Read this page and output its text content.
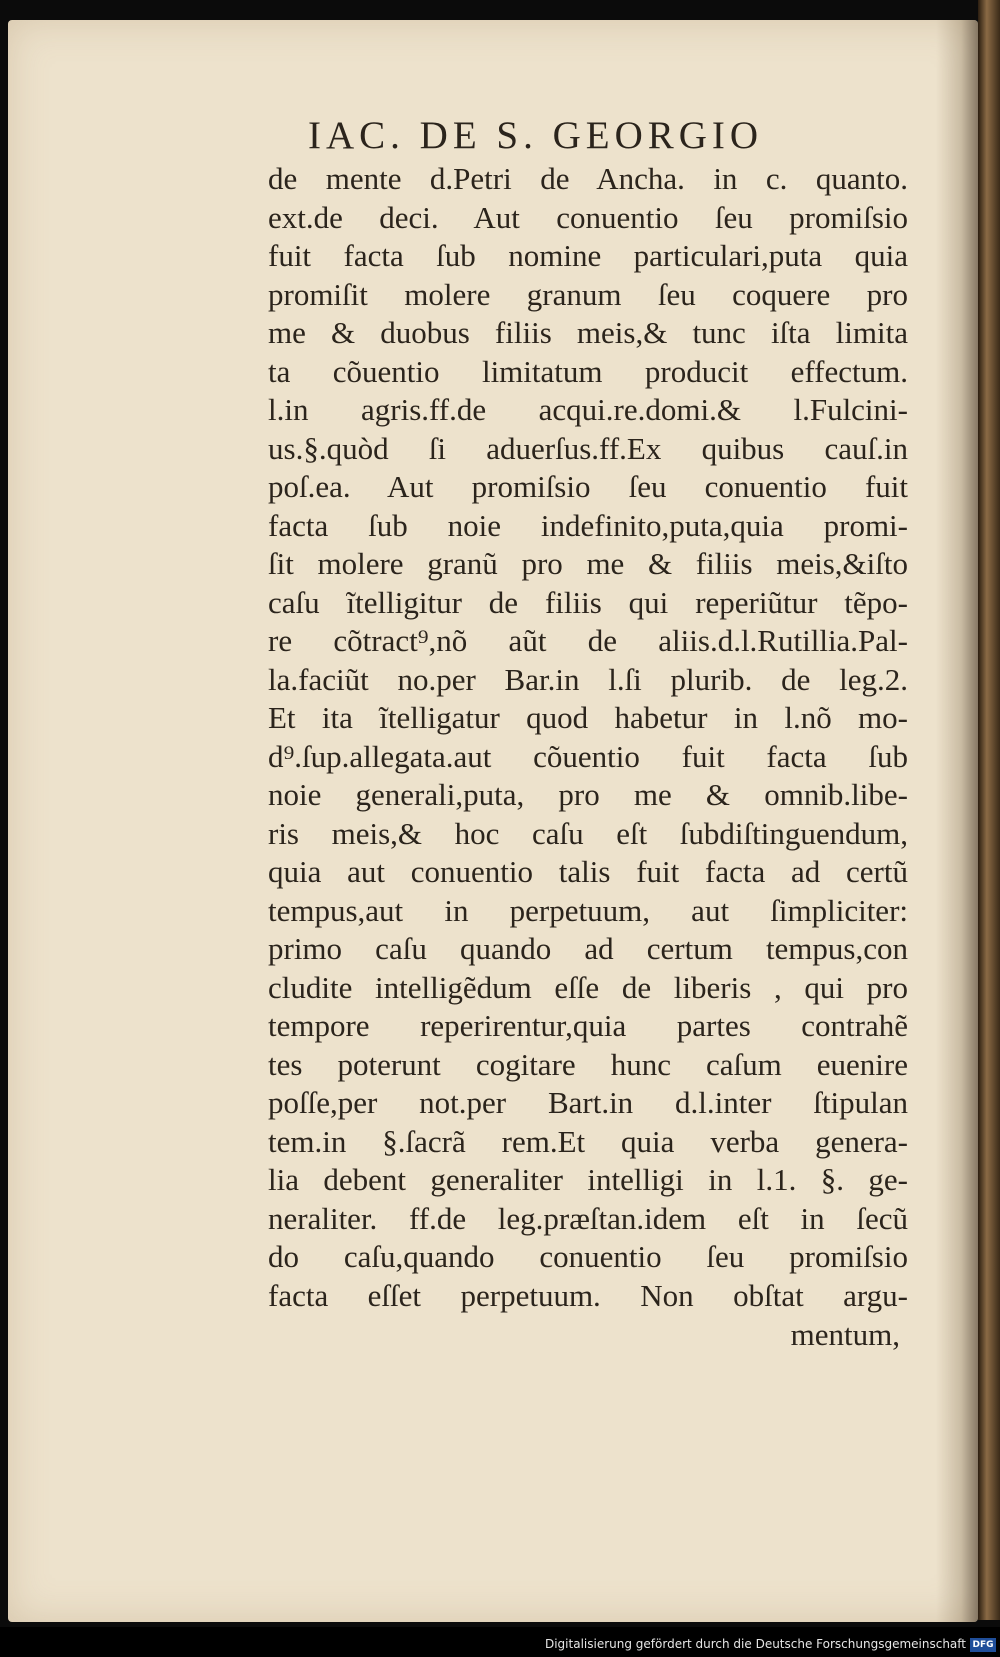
IAC. DE S. GEORGIO
de mente d.Petri de Ancha. in c. quanto.
ext.de deci. Aut conuentio ſeu promiſsio
fuit facta ſub nomine particulari,puta quia
promiſit molere granum ſeu coquere pro
me & duobus filiis meis,& tunc iſta limita
ta cõuentio limitatum producit effectum.
l.in agris.ff.de acqui.re.domi.& l.Fulcini-
us.§.quòd ſi aduerſus.ff.Ex quibus cauſ.in
poſ.ea. Aut promiſsio ſeu conuentio fuit
facta ſub noie indefinito,puta,quia promi-
ſit molere granũ pro me & filiis meis,&iſto
caſu ĩtelligitur de filiis qui reperiũtur tẽpo-
re cõtract⁹,nõ aũt de aliis.d.l.Rutillia.Pal-
la.faciũt no.per Bar.in l.ſi plurib. de leg.2.
Et ita ĩtelligatur quod habetur in l.nõ mo-
d⁹.ſup.allegata.aut cõuentio fuit facta ſub
noie generali,puta, pro me & omnib.libe-
ris meis,& hoc caſu eſt ſubdiſtinguendum,
quia aut conuentio talis fuit facta ad certũ
tempus,aut in perpetuum, aut ſimpliciter:
primo caſu quando ad certum tempus,con
cludite intelligẽdum eſſe de liberis , qui pro
tempore reperirentur,quia partes contrahẽ
tes poterunt cogitare hunc caſum euenire
poſſe,per not.per Bart.in d.l.inter ſtipulan
tem.in §.ſacrã rem.Et quia verba genera-
lia debent generaliter intelligi in l.1. §. ge-
neraliter. ff.de leg.præſtan.idem eſt in ſecũ
do caſu,quando conuentio ſeu promiſsio
facta eſſet perpetuum. Non obſtat argu-
mentum,
Digitalisierung gefördert durch die Deutsche Forschungsgemeinschaft DFG
